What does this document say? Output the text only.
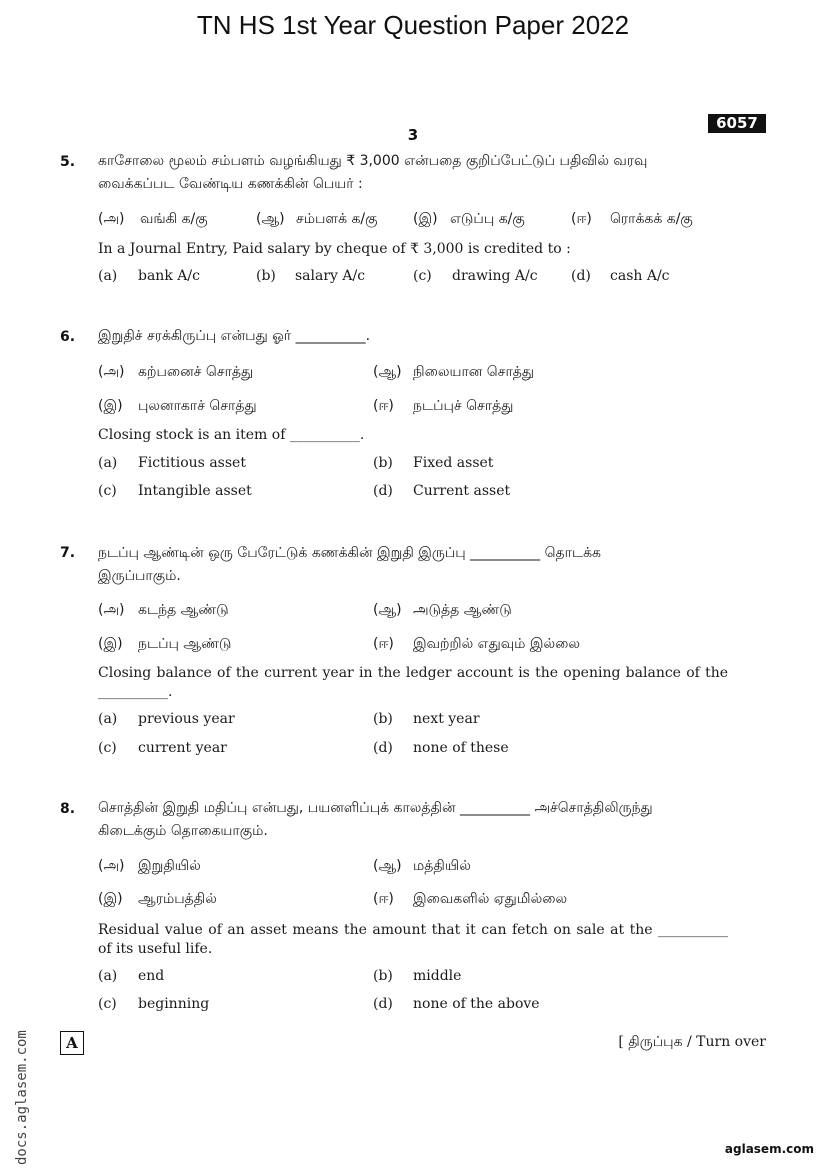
TN HS 1st Year Question Paper 2022
3
6057
5. காசோலை மூலம் சம்பளம் வழங்கியது ₹ 3,000 என்பதை குறிப்பேட்டுப் பதிவில் வரவு
வைக்கப்பட வேண்டிய கணக்கின் பெயர் :
(அ) வங்கி க/கு	(ஆ) சம்பளக் க/கு	(இ) எடுப்பு க/கு	(ஈ) ரொக்கக் க/கு
In a Journal Entry, Paid salary by cheque of ₹ 3,000 is credited to :
(a) bank A/c	(b) salary A/c	(c) drawing A/c (d) cash A/c
6. இறுதிச் சரக்கிருப்பு என்பது ஓர் __________.
(அ) கற்பனைச் சொத்து	(ஆ) நிலையான சொத்து
(இ) புலனாகாச் சொத்து	(ஈ) நடப்புச் சொத்து
Closing stock is an item of __________.
(a) Fictitious asset	(b) Fixed asset
(c) Intangible asset	(d) Current asset
7. நடப்பு ஆண்டின் ஒரு பேரேட்டுக் கணக்கின் இறுதி இருப்பு __________ தொடக்க
இருப்பாகும்.
(அ) கடந்த ஆண்டு	(ஆ) அடுத்த ஆண்டு
(இ) நடப்பு ஆண்டு	(ஈ) இவற்றில் எதுவும் இல்லை
Closing balance of the current year in the ledger account is the opening balance of the __________.
(a) previous year	(b) next year
(c) current year	(d) none of these
8. சொத்தின் இறுதி மதிப்பு என்பது, பயனளிப்புக் காலத்தின் __________ அச்சொத்திலிருந்து
கிடைக்கும் தொகையாகும்.
(அ) இறுதியில்	(ஆ) மத்தியில்
(இ) ஆரம்பத்தில்	(ஈ) இவைகளில் ஏதுமில்லை
Residual value of an asset means the amount that it can fetch on sale at the __________ of its useful life.
(a) end	(b) middle
(c) beginning	(d) none of the above
A	[ திருப்புக / Turn over
docs.aglasem.com	aglasem.com
